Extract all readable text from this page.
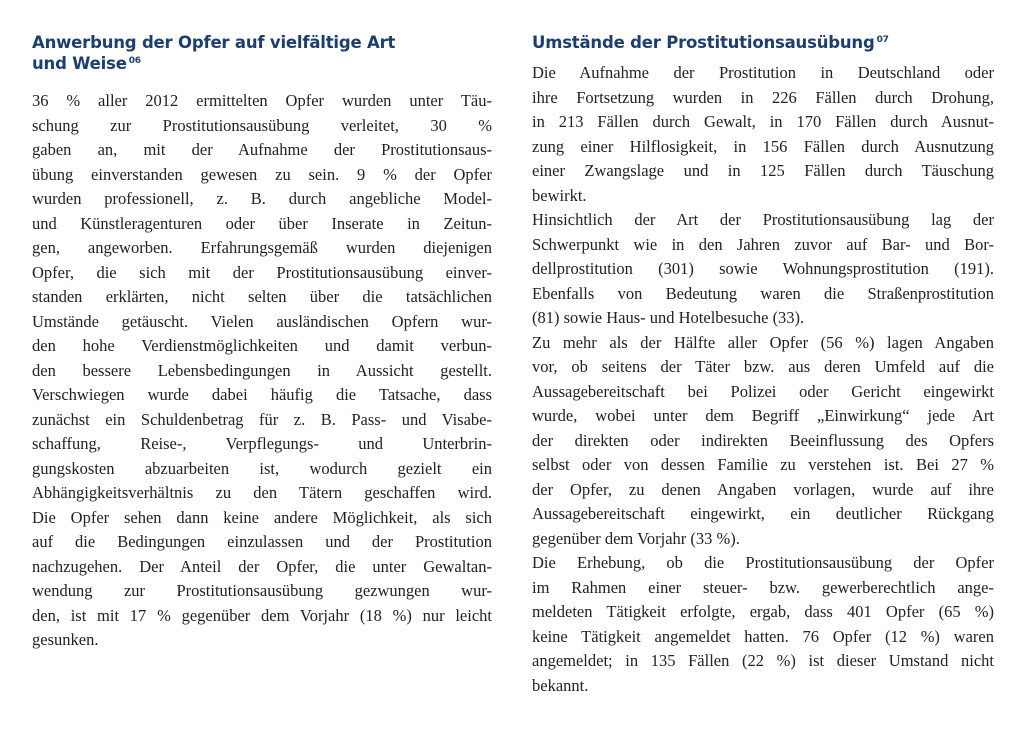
Anwerbung der Opfer auf vielfältige Art
und Weise $^{06}$
36 % aller 2012 ermittelten Opfer wurden unter Täu-
schung zur Prostitutionsausübung verleitet, 30 %
gaben an, mit der Aufnahme der Prostitutionsaus-
übung einverstanden gewesen zu sein. 9 % der Opfer
wurden professionell, z. B. durch angebliche Model-
und Künstleragenturen oder über Inserate in Zeitun-
gen, angeworben. Erfahrungsgemäß wurden diejenigen
Opfer, die sich mit der Prostitutionsausübung einver-
standen erklärten, nicht selten über die tatsächlichen
Umstände getäuscht. Vielen ausländischen Opfern wur-
den hohe Verdienstmöglichkeiten und damit verbun-
den bessere Lebensbedingungen in Aussicht gestellt.
Verschwiegen wurde dabei häufig die Tatsache, dass
zunächst ein Schuldenbetrag für z. B. Pass- und Visabe-
schaffung, Reise-, Verpflegungs- und Unterbrin-
gungskosten abzuarbeiten ist, wodurch gezielt ein
Abhängigkeitsverhältnis zu den Tätern geschaffen wird.
Die Opfer sehen dann keine andere Möglichkeit, als sich
auf die Bedingungen einzulassen und der Prostitution
nachzugehen. Der Anteil der Opfer, die unter Gewaltan-
wendung zur Prostitutionsausübung gezwungen wur-
den, ist mit 17 % gegenüber dem Vorjahr (18 %) nur leicht
gesunken.
Umstände der Prostitutionsausübung $^{07}$
Die Aufnahme der Prostitution in Deutschland oder
ihre Fortsetzung wurden in 226 Fällen durch Drohung,
in 213 Fällen durch Gewalt, in 170 Fällen durch Ausnut-
zung einer Hilflosigkeit, in 156 Fällen durch Ausnutzung
einer Zwangslage und in 125 Fällen durch Täuschung
bewirkt.
Hinsichtlich der Art der Prostitutionsausübung lag der
Schwerpunkt wie in den Jahren zuvor auf Bar- und Bor-
dellprostitution (301) sowie Wohnungsprostitution (191).
Ebenfalls von Bedeutung waren die Straßenprostitution
(81) sowie Haus- und Hotelbesuche (33).
Zu mehr als der Hälfte aller Opfer (56 %) lagen Angaben
vor, ob seitens der Täter bzw. aus deren Umfeld auf die
Aussagebereitschaft bei Polizei oder Gericht eingewirkt
wurde, wobei unter dem Begriff „Einwirkung“ jede Art
der direkten oder indirekten Beeinflussung des Opfers
selbst oder von dessen Familie zu verstehen ist. Bei 27 %
der Opfer, zu denen Angaben vorlagen, wurde auf ihre
Aussagebereitschaft eingewirkt, ein deutlicher Rückgang
gegenüber dem Vorjahr (33 %).
Die Erhebung, ob die Prostitutionsausübung der Opfer
im Rahmen einer steuer- bzw. gewerberechtlich ange-
meldeten Tätigkeit erfolgte, ergab, dass 401 Opfer (65 %)
keine Tätigkeit angemeldet hatten. 76 Opfer (12 %) waren
angemeldet; in 135 Fällen (22 %) ist dieser Umstand nicht
bekannt.
